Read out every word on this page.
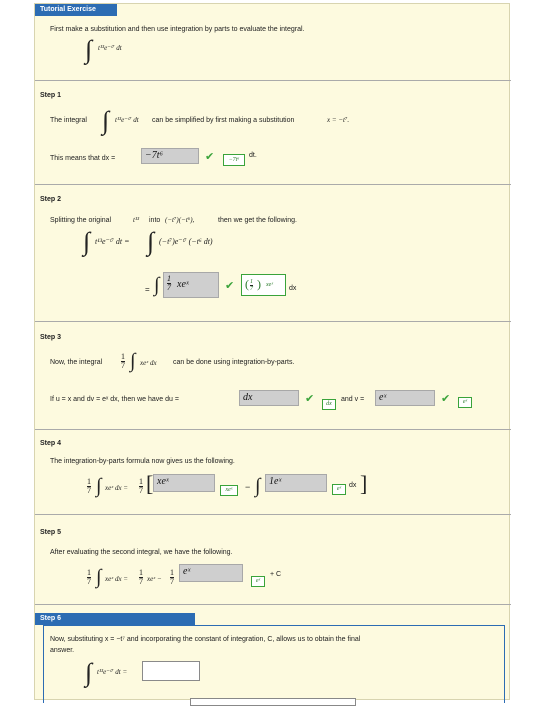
Tutorial Exercise
First make a substitution and then use integration by parts to evaluate the integral.
∫ t¹³e⁻ᵗ⁷ dt
Step 1
The integral ∫ t¹³e⁻ᵗ⁷ dt can be simplified by first making a substitution	x = −t⁷.
This means that dx =	−7t⁶	✔	−7t⁶
dt.
Step 2
Splitting the original	t¹³ into (−t⁷)(−t⁶),	then we get the following.
∫ t¹³e⁻ᵗ⁷ dt = ∫ (−t⁷)e⁻ᵗ⁷ (−t⁶ dt)
= ∫ $\frac{1}{7}$ xeˣ	✔ ( $\frac{1}{7}$ ) xeˣ dx
Step 3
Now, the integral $\frac{1}{7}$ ∫ xeˣ dx can be done using integration-by-parts.
If u = x and dv = eˣ dx, then we have du =	dx	✔	dx
and v =	eˣ	✔	eˣ
Step 4
The integration-by-parts formula now gives us the following.
$\frac{1}{7}$ ∫ xeˣ dx = $\frac{1}{7}$ [ xeˣ
xeˣ	− ∫ 1eˣ
eˣ	dx ]
Step 5
After evaluating the second integral, we have the following.
$\frac{1}{7}$ ∫ xeˣ dx = $\frac{1}{7}$ xeˣ − $\frac{1}{7}$ eˣ
eˣ
+ C
Step 6
Now, substituting x = −t⁷ and incorporating the constant of integration, C, allows us to obtain the final
answer.
∫ t¹³e⁻ᵗ⁷ dt =
